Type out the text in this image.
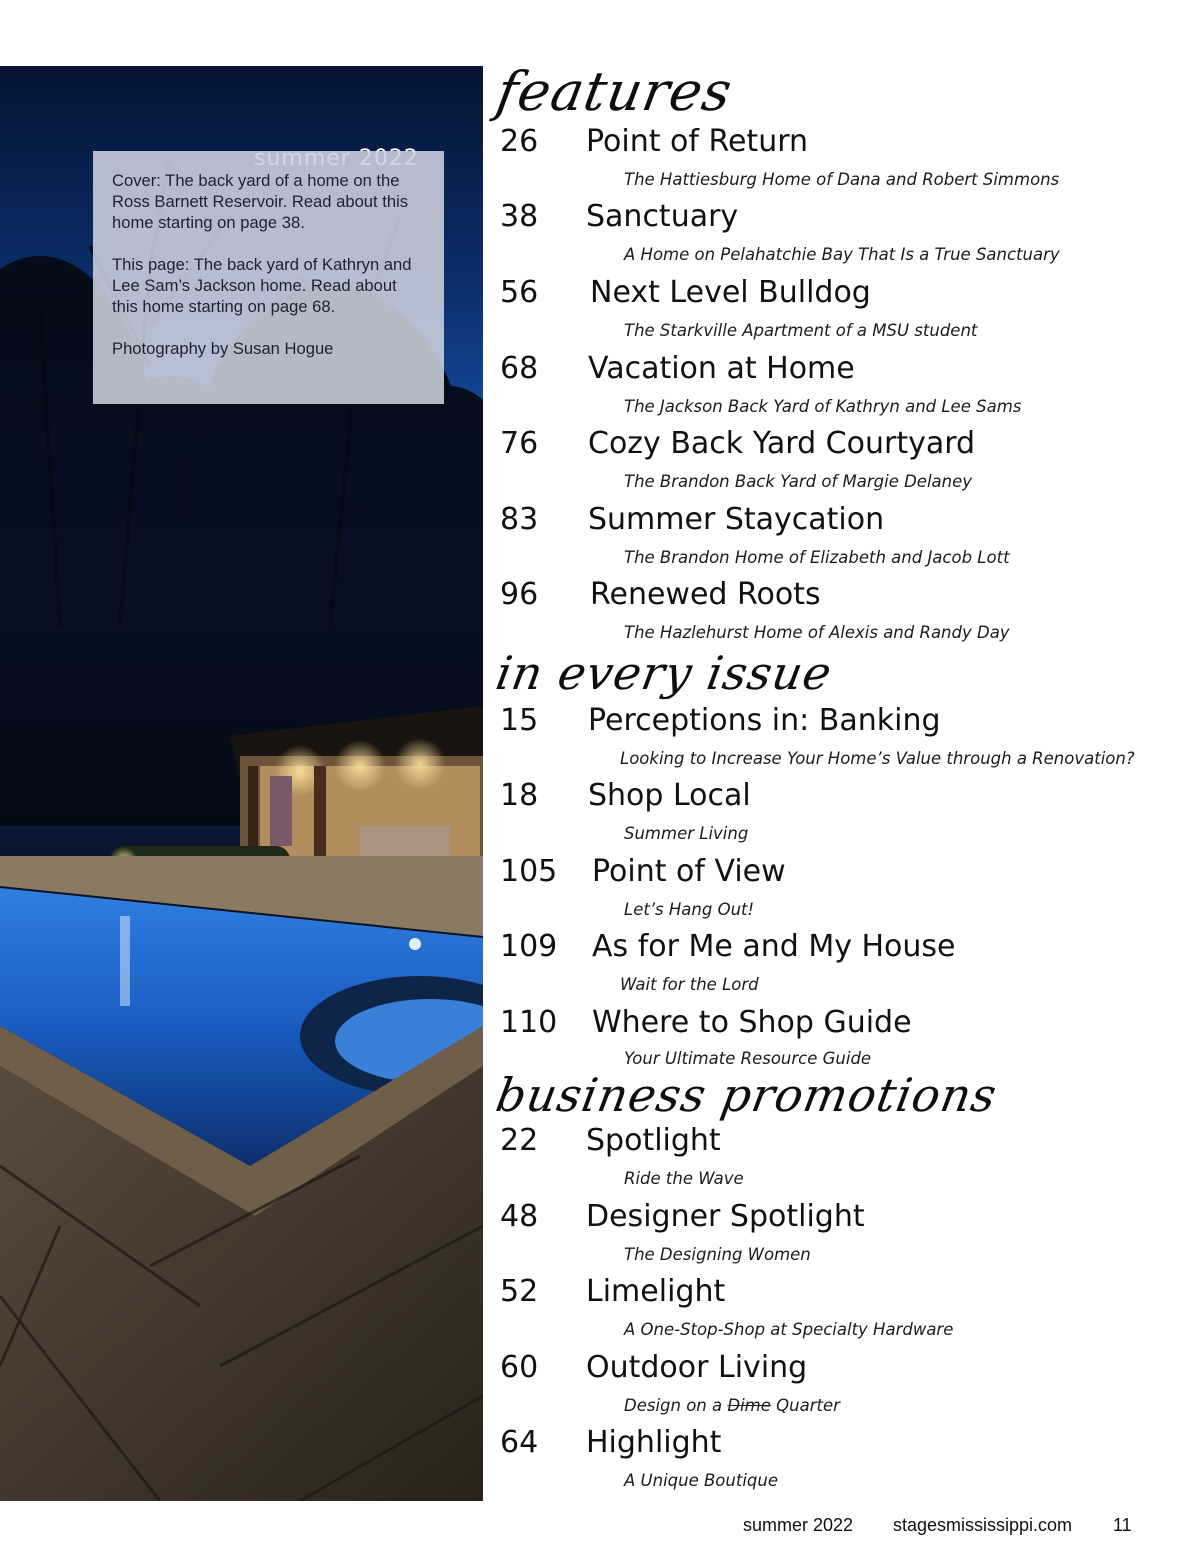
Cover: The back yard of a home on the Ross Barnett Reservoir. Read about this home starting on page 38.

This page: The back yard of Kathryn and Lee Sam’s Jackson home. Read about this home starting on page 68.

Photography by Susan Hogue

features
26 Point of Return
The Hattiesburg Home of Dana and Robert Simmons
38 Sanctuary
A Home on Pelahatchie Bay That Is a True Sanctuary
56 Next Level Bulldog
The Starkville Apartment of a MSU student
68 Vacation at Home
The Jackson Back Yard of Kathryn and Lee Sams
76 Cozy Back Yard Courtyard
The Brandon Back Yard of Margie Delaney
83 Summer Staycation
The Brandon Home of Elizabeth and Jacob Lott
96 Renewed Roots
The Hazlehurst Home of Alexis and Randy Day
in every issue
15 Perceptions in: Banking
Looking to Increase Your Home’s Value through a Renovation?
18 Shop Local
Summer Living
105 Point of View
Let’s Hang Out!
109 As for Me and My House
Wait for the Lord
110 Where to Shop Guide
Your Ultimate Resource Guide
business promotions
22 Spotlight
Ride the Wave
48 Designer Spotlight
The Designing Women
52 Limelight
A One-Stop-Shop at Specialty Hardware
60 Outdoor Living
Design on a Dime Quarter
64 Highlight
A Unique Boutique
summer 2022 stagesmississippi.com 11
